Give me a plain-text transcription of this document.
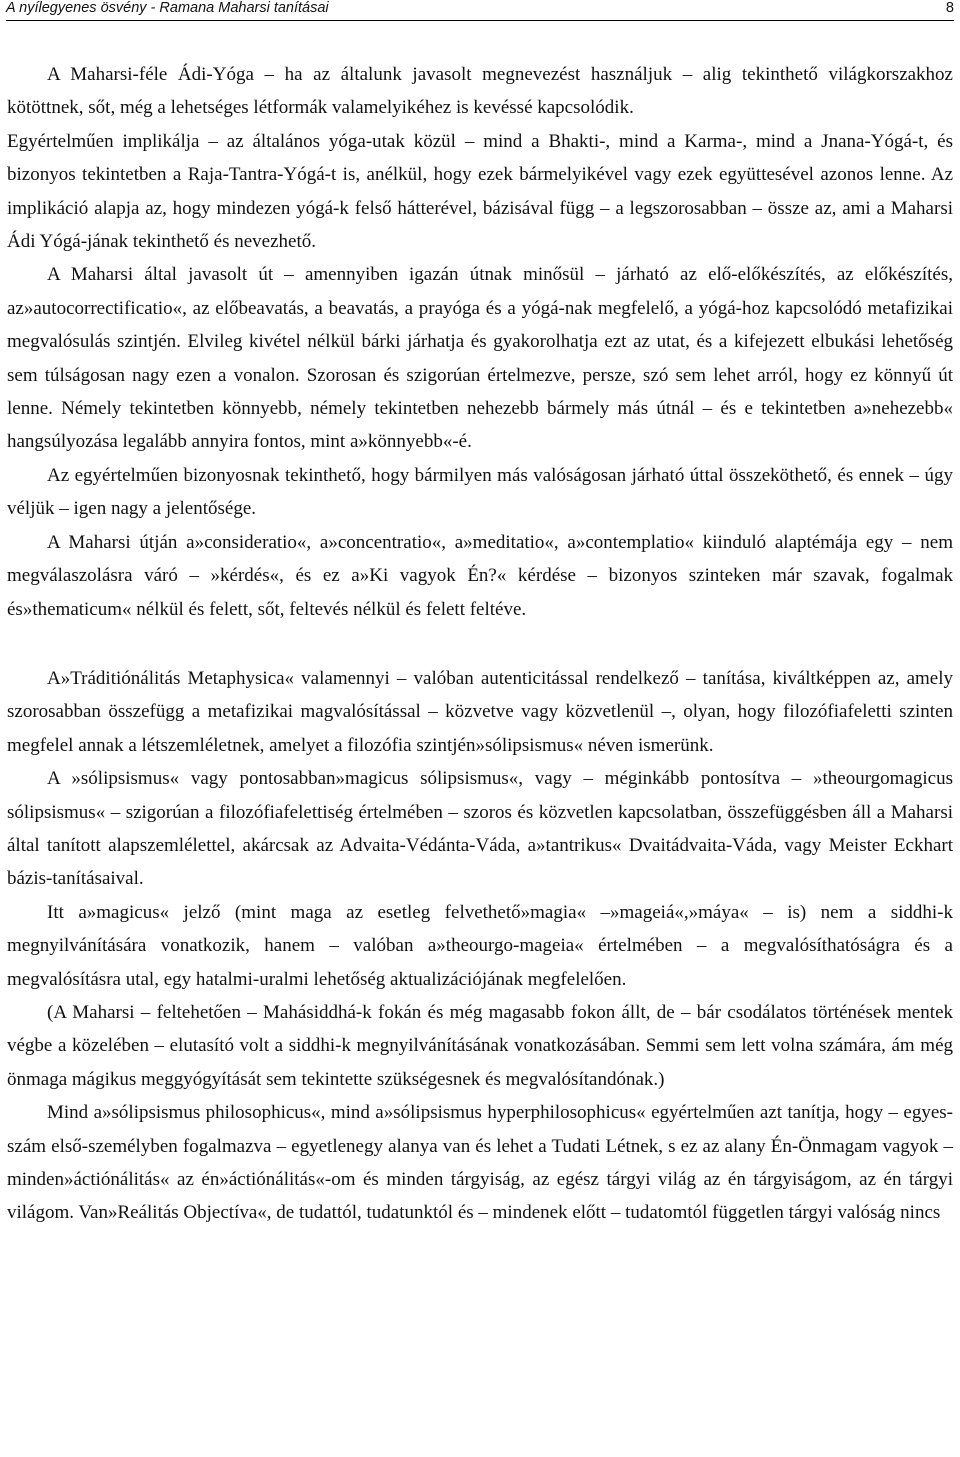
A nyílegyenes ösvény - Ramana Maharsi tanításai	8

A Maharsi-féle Ádi-Yóga – ha az általunk javasolt megnevezést használjuk – alig tekinthető világkorszakhoz kötöttnek, sőt, még a lehetséges létformák valamelyikéhez is kevéssé kapcsolódik.

Egyértelműen implikálja – az általános yóga-utak közül – mind a Bhakti-, mind a Karma-, mind a Jnana-Yógá-t, és bizonyos tekintetben a Raja-Tantra-Yógá-t is, anélkül, hogy ezek bármelyikével vagy ezek együttesével azonos lenne. Az implikáció alapja az, hogy mindezen yógá-k felső hátterével, bázisával függ – a legszorosabban – össze az, ami a Maharsi Ádi Yógá-jának tekinthető és nevezhető.

A Maharsi által javasolt út – amennyiben igazán útnak minősül – járható az elő-előkészítés, az előkészítés, az»autocorrectificatio«, az előbeavatás, a beavatás, a prayóga és a yógá-nak megfelelő, a yógá-hoz kapcsolódó metafizikai megvalósulás szintjén. Elvileg kivétel nélkül bárki járhatja és gyakorolhatja ezt az utat, és a kifejezett elbukási lehetőség sem túlságosan nagy ezen a vonalon. Szorosan és szigorúan értelmezve, persze, szó sem lehet arról, hogy ez könnyű út lenne. Némely tekintetben könnyebb, némely tekintetben nehezebb bármely más útnál – és e tekintetben a»nehezebb« hangsúlyozása legalább annyira fontos, mint a»könnyebb«-é.

Az egyértelműen bizonyosnak tekinthető, hogy bármilyen más valóságosan járható úttal összeköthető, és ennek – úgy véljük – igen nagy a jelentősége.

A Maharsi útján a»consideratio«, a»concentratio«, a»meditatio«, a»contemplatio« kiinduló alaptémája egy – nem megválaszolásra váró – »kérdés«, és ez a»Ki vagyok Én?« kérdése – bizonyos szinteken már szavak, fogalmak és»thematicum« nélkül és felett, sőt, feltevés nélkül és felett feltéve.

A»Tráditiónálitás Metaphysica« valamennyi – valóban autenticitással rendelkező – tanítása, kiváltképpen az, amely szorosabban összefügg a metafizikai magvalósítással – közvetve vagy közvetlenül –, olyan, hogy filozófiafeletti szinten megfelel annak a létszemléletnek, amelyet a filozófia szintjén»sólipsismus« néven ismerünk.

A »sólipsismus« vagy pontosabban»magicus sólipsismus«, vagy – méginkább pontosítva – »theourgomagicus sólipsismus« – szigorúan a filozófiafelettiség értelmében – szoros és közvetlen kapcsolatban, összefüggésben áll a Maharsi által tanított alapszemlélettel, akárcsak az Advaita-Védánta-Váda, a»tantrikus« Dvaitádvaita-Váda, vagy Meister Eckhart bázis-tanításaival.

Itt a»magicus« jelző (mint maga az esetleg felvethető»magia« –»mageiá«,»máya« – is) nem a siddhi-k megnyilvánítására vonatkozik, hanem – valóban a»theourgo-mageia« értelmében – a megvalósíthatóságra és a megvalósításra utal, egy hatalmi-uralmi lehetőség aktualizációjának megfelelően.

(A Maharsi – feltehetően – Mahásiddhá-k fokán és még magasabb fokon állt, de – bár csodálatos történések mentek végbe a közelében – elutasító volt a siddhi-k megnyilvánításának vonatkozásában. Semmi sem lett volna számára, ám még önmaga mágikus meggyógyítását sem tekintette szükségesnek és megvalósítandónak.)

Mind a»sólipsismus philosophicus«, mind a»sólipsismus hyperphilosophicus« egyértelműen azt tanítja, hogy – egyes-szám első-személyben fogalmazva – egyetlenegy alanya van és lehet a Tudati Létnek, s ez az alany Én-Önmagam vagyok – minden»áctiónálitás« az én»áctiónálitás«-om és minden tárgyiság, az egész tárgyi világ az én tárgyiságom, az én tárgyi világom. Van»Reálitás Objectíva«, de tudattól, tudatunktól és – mindenek előtt – tudatomtól független tárgyi valóság nincs
